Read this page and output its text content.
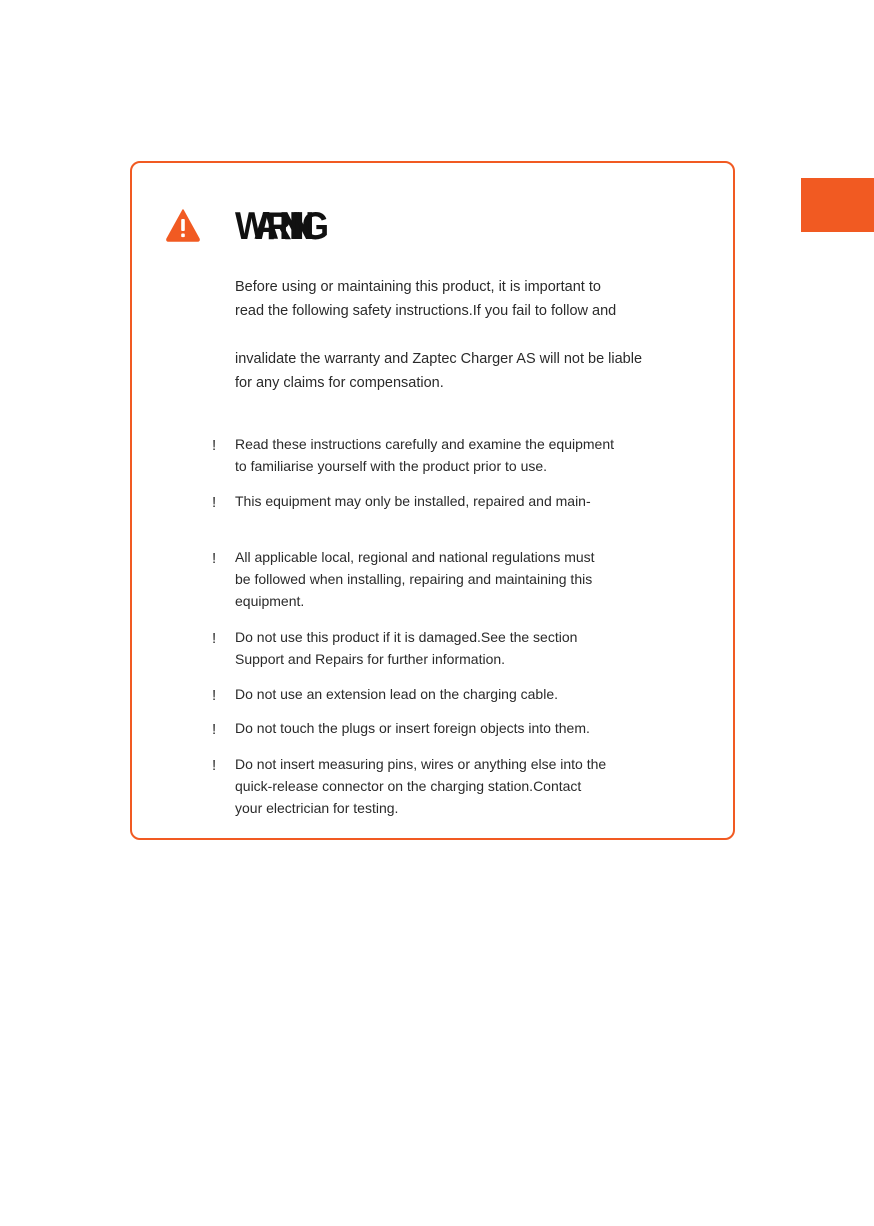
WARNING
Before using or maintaining this product, it is important to
read the following safety instructions.If you fail to follow and
invalidate the warranty and Zaptec Charger AS will not be liable
for any claims for compensation.
! Read these instructions carefully and examine the equipment
to familiarise yourself with the product prior to use.
! This equipment may only be installed, repaired and main-
! All applicable local, regional and national regulations must
be followed when installing, repairing and maintaining this
equipment.
! Do not use this product if it is damaged.See the section
Support and Repairs for further information.
! Do not use an extension lead on the charging cable.
! Do not touch the plugs or insert foreign objects into them.
! Do not insert measuring pins, wires or anything else into the
quick-release connector on the charging station.Contact
your electrician for testing.
